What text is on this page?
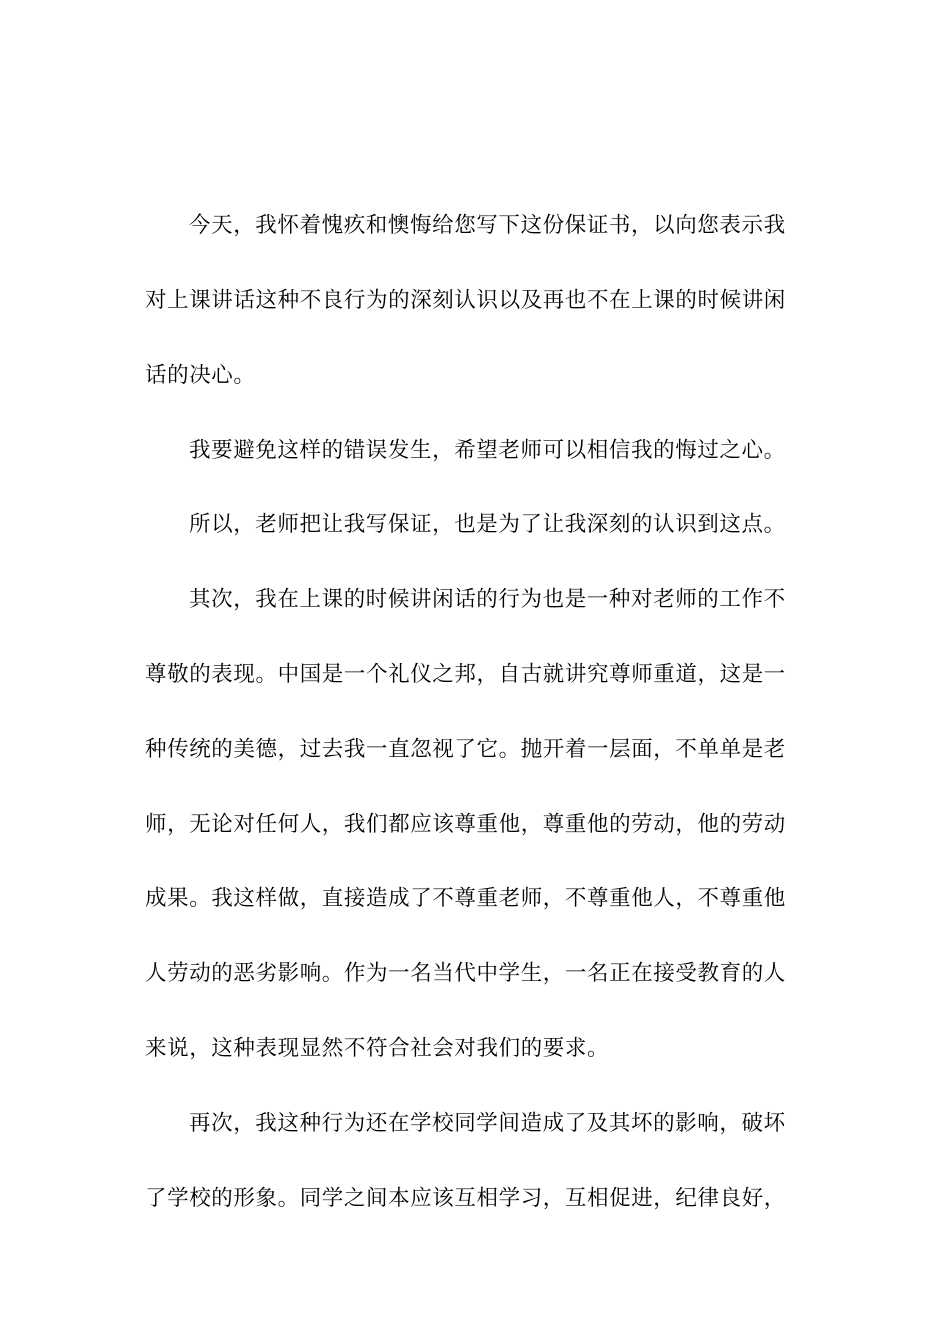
今天，我怀着愧疚和懊悔给您写下这份保证书，以向您表示我
对上课讲话这种不良行为的深刻认识以及再也不在上课的时候讲闲
话的决心。
我要避免这样的错误发生，希望老师可以相信我的悔过之心。
所以，老师把让我写保证，也是为了让我深刻的认识到这点。
其次，我在上课的时候讲闲话的行为也是一种对老师的工作不
尊敬的表现。中国是一个礼仪之邦，自古就讲究尊师重道，这是一
种传统的美德，过去我一直忽视了它。抛开着一层面，不单单是老
师，无论对任何人，我们都应该尊重他，尊重他的劳动，他的劳动
成果。我这样做，直接造成了不尊重老师，不尊重他人，不尊重他
人劳动的恶劣影响。作为一名当代中学生，一名正在接受教育的人
来说，这种表现显然不符合社会对我们的要求。
再次，我这种行为还在学校同学间造成了及其坏的影响，破坏
了学校的形象。同学之间本应该互相学习，互相促进，纪律良好，
